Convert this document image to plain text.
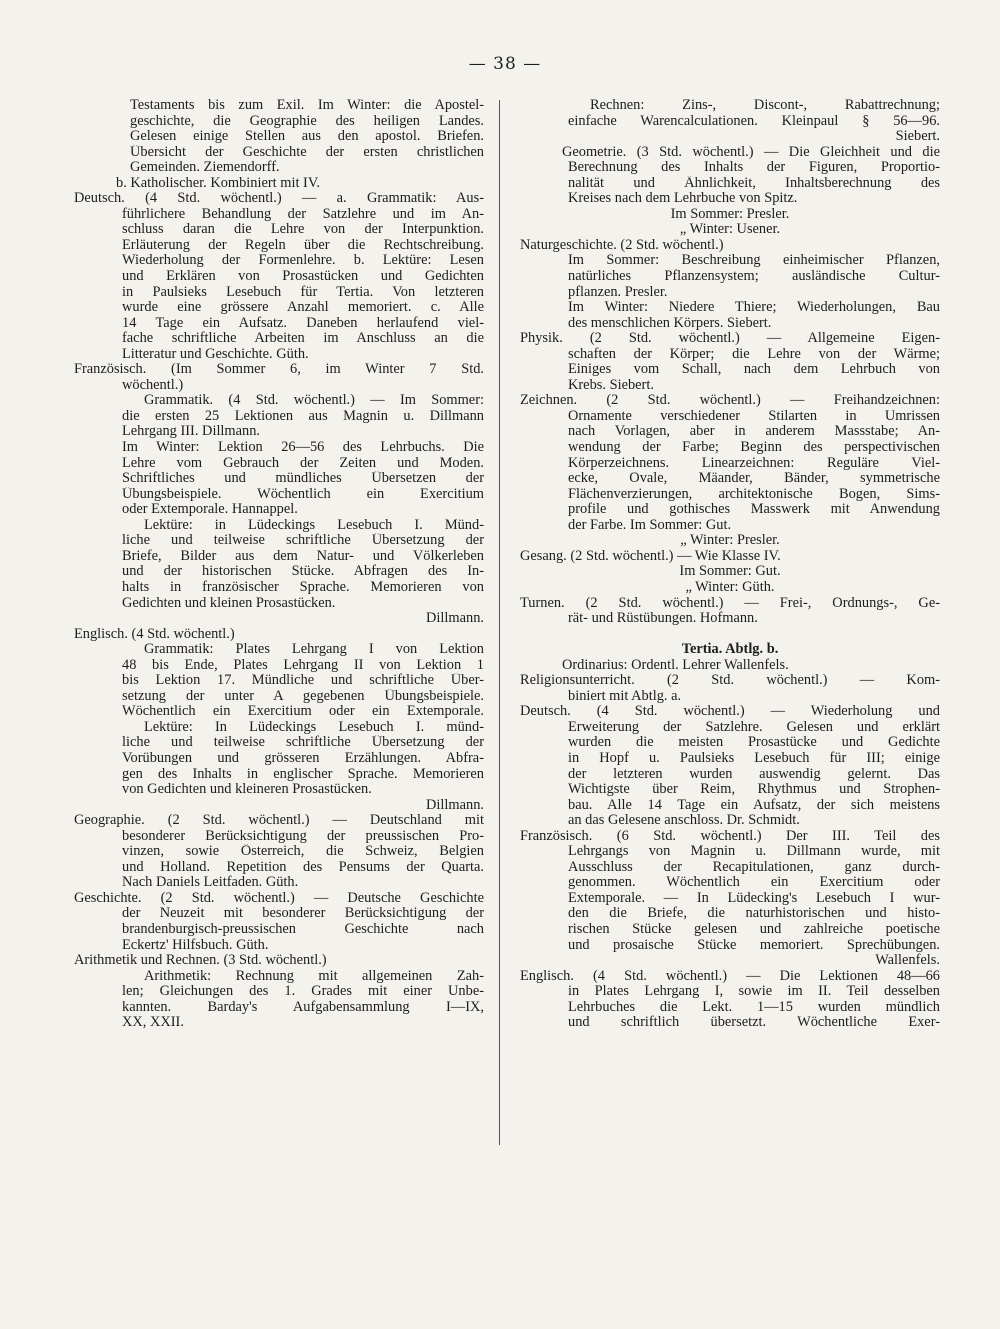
— 38 —
Testaments bis zum Exil. Im Winter: die Apostel-
geschichte, die Geographie des heiligen Landes.
Gelesen einige Stellen aus den apostol. Briefen.
Übersicht der Geschichte der ersten christlichen
Gemeinden. Ziemendorff.
b. Katholischer. Kombiniert mit IV.
Deutsch. (4 Std. wöchentl.) — a. Grammatik: Aus-
führlichere Behandlung der Satzlehre und im An-
schluss daran die Lehre von der Interpunktion.
Erläuterung der Regeln über die Rechtschreibung.
Wiederholung der Formenlehre. b. Lektüre: Lesen
und Erklären von Prosastücken und Gedichten
in Paulsieks Lesebuch für Tertia. Von letzteren
wurde eine grössere Anzahl memoriert. c. Alle
14 Tage ein Aufsatz. Daneben herlaufend viel-
fache schriftliche Arbeiten im Anschluss an die
Litteratur und Geschichte. Güth.
Französisch. (Im Sommer 6, im Winter 7 Std.
wöchentl.)
Grammatik. (4 Std. wöchentl.) — Im Sommer:
die ersten 25 Lektionen aus Magnin u. Dillmann
Lehrgang III. Dillmann.
Im Winter: Lektion 26—56 des Lehrbuchs. Die
Lehre vom Gebrauch der Zeiten und Moden.
Schriftliches und mündliches Übersetzen der
Übungsbeispiele. Wöchentlich ein Exercitium
oder Extemporale. Hannappel.
Lektüre: in Lüdeckings Lesebuch I. Münd-
liche und teilweise schriftliche Übersetzung der
Briefe, Bilder aus dem Natur- und Völkerleben
und der historischen Stücke. Abfragen des In-
halts in französischer Sprache. Memorieren von
Gedichten und kleinen Prosastücken.
Dillmann.
Englisch. (4 Std. wöchentl.)
Grammatik: Plates Lehrgang I von Lektion
48 bis Ende, Plates Lehrgang II von Lektion 1
bis Lektion 17. Mündliche und schriftliche Über-
setzung der unter A gegebenen Übungsbeispiele.
Wöchentlich ein Exercitium oder ein Extemporale.
Lektüre: In Lüdeckings Lesebuch I. münd-
liche und teilweise schriftliche Übersetzung der
Vorübungen und grösseren Erzählungen. Abfra-
gen des Inhalts in englischer Sprache. Memorieren
von Gedichten und kleineren Prosastücken.
Dillmann.
Geographie. (2 Std. wöchentl.) — Deutschland mit
besonderer Berücksichtigung der preussischen Pro-
vinzen, sowie Österreich, die Schweiz, Belgien
und Holland. Repetition des Pensums der Quarta.
Nach Daniels Leitfaden. Güth.
Geschichte. (2 Std. wöchentl.) — Deutsche Geschichte
der Neuzeit mit besonderer Berücksichtigung der
brandenburgisch-preussischen Geschichte nach
Eckertz' Hilfsbuch. Güth.
Arithmetik und Rechnen. (3 Std. wöchentl.)
Arithmetik: Rechnung mit allgemeinen Zah-
len; Gleichungen des 1. Grades mit einer Unbe-
kannten. Barday's Aufgabensammlung I—IX,
XX, XXII.
Rechnen: Zins-, Discont-, Rabattrechnung;
einfache Warencalculationen. Kleinpaul § 56—96.
Siebert.
Geometrie. (3 Std. wöchentl.) — Die Gleichheit und die
Berechnung des Inhalts der Figuren, Proportio-
nalität und Ähnlichkeit, Inhaltsberechnung des
Kreises nach dem Lehrbuche von Spitz.
Im Sommer: Presler.
„ Winter: Usener.
Naturgeschichte. (2 Std. wöchentl.)
Im Sommer: Beschreibung einheimischer Pflanzen,
natürliches Pflanzensystem; ausländische Cultur-
pflanzen. Presler.
Im Winter: Niedere Thiere; Wiederholungen, Bau
des menschlichen Körpers. Siebert.
Physik. (2 Std. wöchentl.) — Allgemeine Eigen-
schaften der Körper; die Lehre von der Wärme;
Einiges vom Schall, nach dem Lehrbuch von
Krebs. Siebert.
Zeichnen. (2 Std. wöchentl.) — Freihandzeichnen:
Ornamente verschiedener Stilarten in Umrissen
nach Vorlagen, aber in anderem Massstabe; An-
wendung der Farbe; Beginn des perspectivischen
Körperzeichnens. Linearzeichnen: Reguläre Viel-
ecke, Ovale, Mäander, Bänder, symmetrische
Flächenverzierungen, architektonische Bogen, Sims-
profile und gothisches Masswerk mit Anwendung
der Farbe. Im Sommer: Gut.
„ Winter: Presler.
Gesang. (2 Std. wöchentl.) — Wie Klasse IV.
Im Sommer: Gut.
„ Winter: Güth.
Turnen. (2 Std. wöchentl.) — Frei-, Ordnungs-, Ge-
rät- und Rüstübungen. Hofmann.
Tertia. Abtlg. b.
Ordinarius: Ordentl. Lehrer Wallenfels.
Religionsunterricht. (2 Std. wöchentl.) — Kom-
biniert mit Abtlg. a.
Deutsch. (4 Std. wöchentl.) — Wiederholung und
Erweiterung der Satzlehre. Gelesen und erklärt
wurden die meisten Prosastücke und Gedichte
in Hopf u. Paulsieks Lesebuch für III; einige
der letzteren wurden auswendig gelernt. Das
Wichtigste über Reim, Rhythmus und Strophen-
bau. Alle 14 Tage ein Aufsatz, der sich meistens
an das Gelesene anschloss. Dr. Schmidt.
Französisch. (6 Std. wöchentl.) Der III. Teil des
Lehrgangs von Magnin u. Dillmann wurde, mit
Ausschluss der Recapitulationen, ganz durch-
genommen. Wöchentlich ein Exercitium oder
Extemporale. — In Lüdecking's Lesebuch I wur-
den die Briefe, die naturhistorischen und histo-
rischen Stücke gelesen und zahlreiche poetische
und prosaische Stücke memoriert. Sprechübungen.
Wallenfels.
Englisch. (4 Std. wöchentl.) — Die Lektionen 48—66
in Plates Lehrgang I, sowie im II. Teil desselben
Lehrbuches die Lekt. 1—15 wurden mündlich
und schriftlich übersetzt. Wöchentliche Exer-
